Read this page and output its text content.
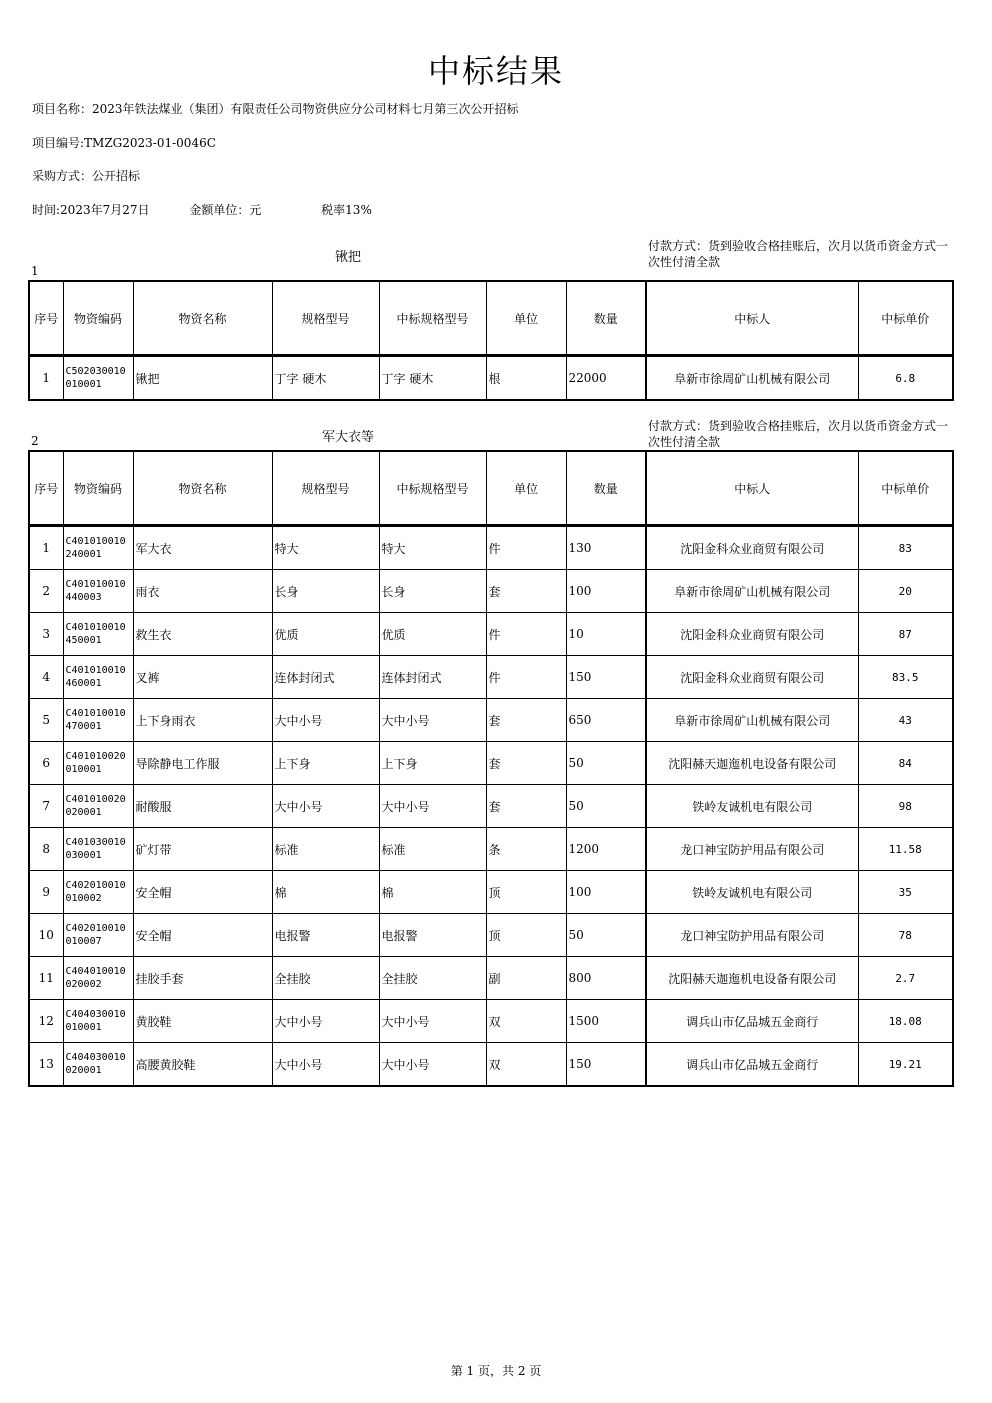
中标结果
项目名称：2023年铁法煤业（集团）有限责任公司物资供应分公司材料七月第三次公开招标
项目编号:TMZG2023-01-0046C
采购方式：公开招标
时间:2023年7月27日	金额单位：元	税率13%
锹把
付款方式：货到验收合格挂账后，次月以货币资金方式一次性付清全款
1
序号	物资编码	物资名称	规格型号	中标规格型号	单位	数量	中标人	中标单价
1	C502030010010001	锹把	丁字 硬木	丁字 硬木	根	22000	阜新市徐周矿山机械有限公司	6.8
军大衣等
付款方式：货到验收合格挂账后，次月以货币资金方式一次性付清全款
2
序号	物资编码	物资名称	规格型号	中标规格型号	单位	数量	中标人	中标单价
1	C401010010240001	军大衣	特大	特大	件	130	沈阳金科众业商贸有限公司	83
2	C401010010440003	雨衣	长身	长身	套	100	阜新市徐周矿山机械有限公司	20
3	C401010010450001	救生衣	优质	优质	件	10	沈阳金科众业商贸有限公司	87
4	C401010010460001	叉裤	连体封闭式	连体封闭式	件	150	沈阳金科众业商贸有限公司	83.5
5	C401010010470001	上下身雨衣	大中小号	大中小号	套	650	阜新市徐周矿山机械有限公司	43
6	C401010020010001	导除静电工作服	上下身	上下身	套	50	沈阳赫天迦迤机电设备有限公司	84
7	C401010020020001	耐酸服	大中小号	大中小号	套	50	铁岭友诚机电有限公司	98
8	C401030010030001	矿灯带	标准	标准	条	1200	龙口神宝防护用品有限公司	11.58
9	C402010010010002	安全帽	棉	棉	顶	100	铁岭友诚机电有限公司	35
10	C402010010010007	安全帽	电报警	电报警	顶	50	龙口神宝防护用品有限公司	78
11	C404010010020002	挂胶手套	全挂胶	全挂胶	副	800	沈阳赫天迦迤机电设备有限公司	2.7
12	C404030010010001	黄胶鞋	大中小号	大中小号	双	1500	调兵山市亿品城五金商行	18.08
13	C404030010020001	高腰黄胶鞋	大中小号	大中小号	双	150	调兵山市亿品城五金商行	19.21
第 1 页，共 2 页
